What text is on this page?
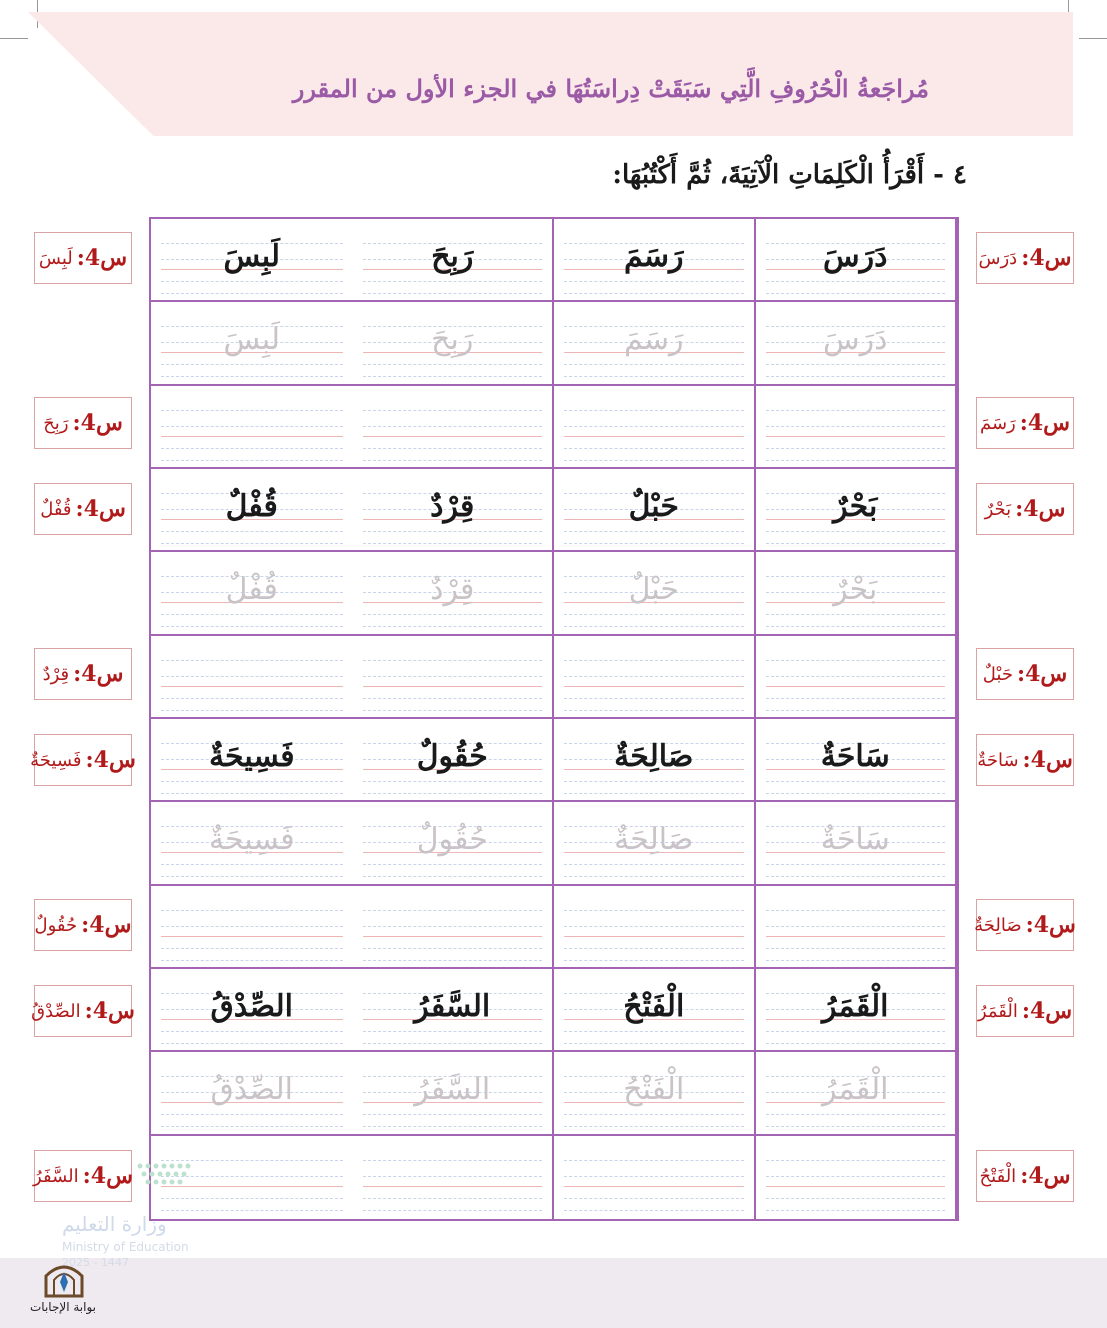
مُراجَعةُ الْحُرُوفِ الَّتِي سَبَقَتْ دِراسَتُهَا في الجزء الأول من المقرر
٤ - أَقْرَأُ الْكَلِمَاتِ الْآتِيَةَ، ثُمَّ أَكْتُبُهَا:
دَرَسَ
رَسَمَ
رَبِحَ
لَبِسَ
دَرَسَ
رَسَمَ
رَبِحَ
لَبِسَ
بَحْرٌ
حَبْلٌ
قِرْدٌ
قُفْلٌ
بَحْرٌ
حَبْلٌ
قِرْدٌ
قُفْلٌ
سَاحَةٌ
صَالِحَةٌ
حُقُولٌ
فَسِيحَةٌ
سَاحَةٌ
صَالِحَةٌ
حُقُولٌ
فَسِيحَةٌ
الْقَمَرُ
الْفَتْحُ
السَّفَرُ
الصِّدْقُ
الْقَمَرُ
الْفَتْحُ
السَّفَرُ
الصِّدْقُ
س4:
دَرَسَ
س4:
رَسَمَ
س4:
بَحْرٌ
س4:
حَبْلٌ
س4:
سَاحَةٌ
س4:
صَالِحَةٌ
س4:
الْقَمَرُ
س4:
الْفَتْحُ
س4:
لَبِسَ
س4:
رَبِحَ
س4:
قُفْلٌ
س4:
قِرْدٌ
س4:
فَسِيحَةٌ
س4:
حُقُولٌ
س4:
الصِّدْقُ
س4:
السَّفَرُ
وزارة التعليم
Ministry of Education
2025 - 1447
بوابة الإجابات
